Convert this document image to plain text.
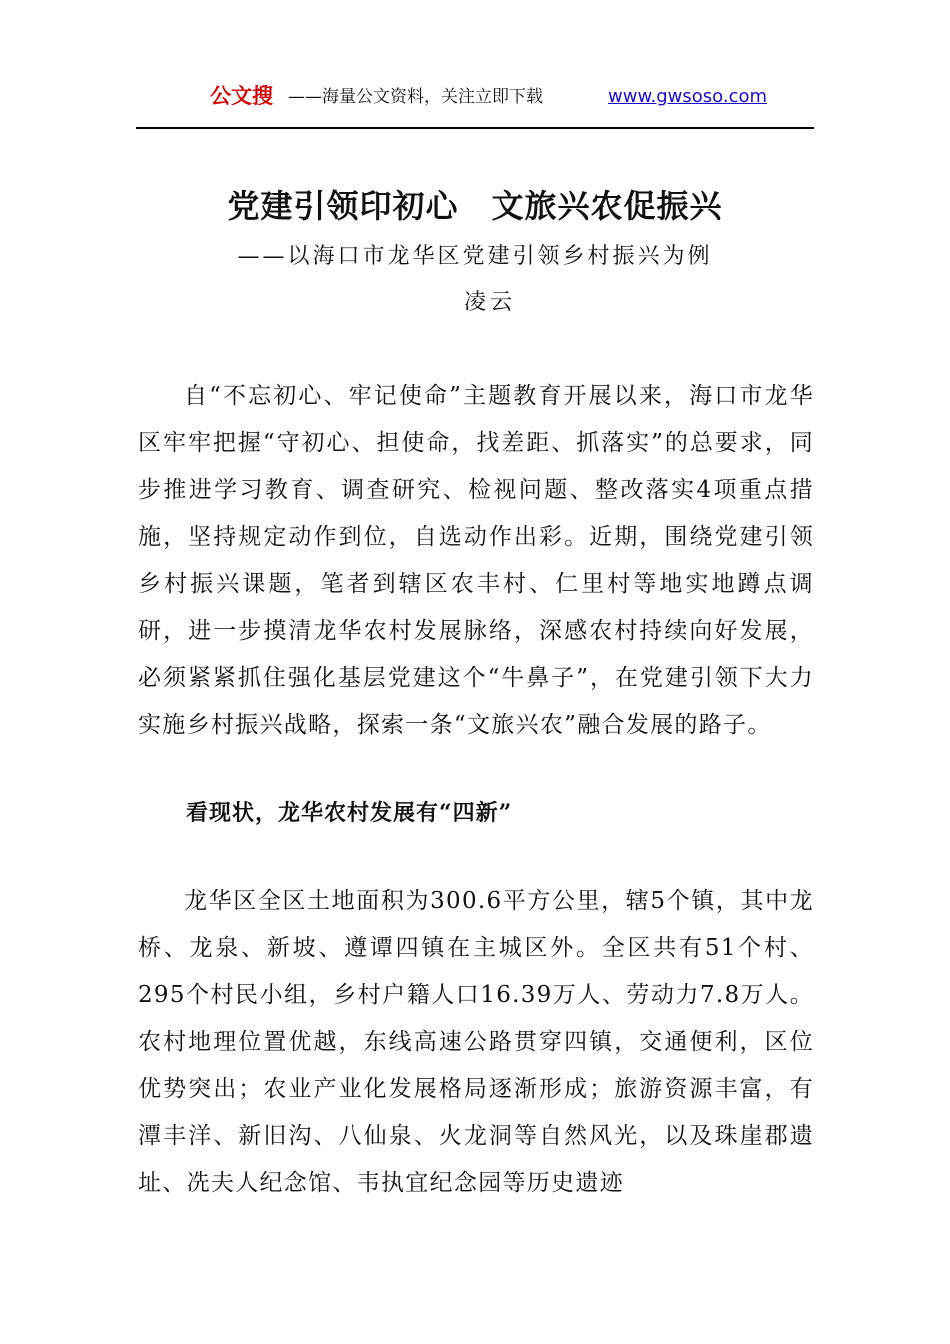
公文搜 ——海量公文资料，关注立即下载	www.gwsoso.com
党建引领印初心　文旅兴农促振兴
——以海口市龙华区党建引领乡村振兴为例
凌云

自“不忘初心、牢记使命”主题教育开展以来，海口市龙华区牢牢把握“守初心、担使命，找差距、抓落实”的总要求，同步推进学习教育、调查研究、检视问题、整改落实4项重点措施，坚持规定动作到位，自选动作出彩。近期，围绕党建引领乡村振兴课题，笔者到辖区农丰村、仁里村等地实地蹲点调研，进一步摸清龙华农村发展脉络，深感农村持续向好发展，必须紧紧抓住强化基层党建这个“牛鼻子”，在党建引领下大力实施乡村振兴战略，探索一条“文旅兴农”融合发展的路子。

看现状，龙华农村发展有“四新”

龙华区全区土地面积为300.6平方公里，辖5个镇，其中龙桥、龙泉、新坡、遵谭四镇在主城区外。全区共有51个村、295个村民小组，乡村户籍人口16.39万人、劳动力7.8万人。农村地理位置优越，东线高速公路贯穿四镇，交通便利，区位优势突出；农业产业化发展格局逐渐形成；旅游资源丰富，有潭丰洋、新旧沟、八仙泉、火龙洞等自然风光，以及珠崖郡遗址、冼夫人纪念馆、韦执宜纪念园等历史遗迹
